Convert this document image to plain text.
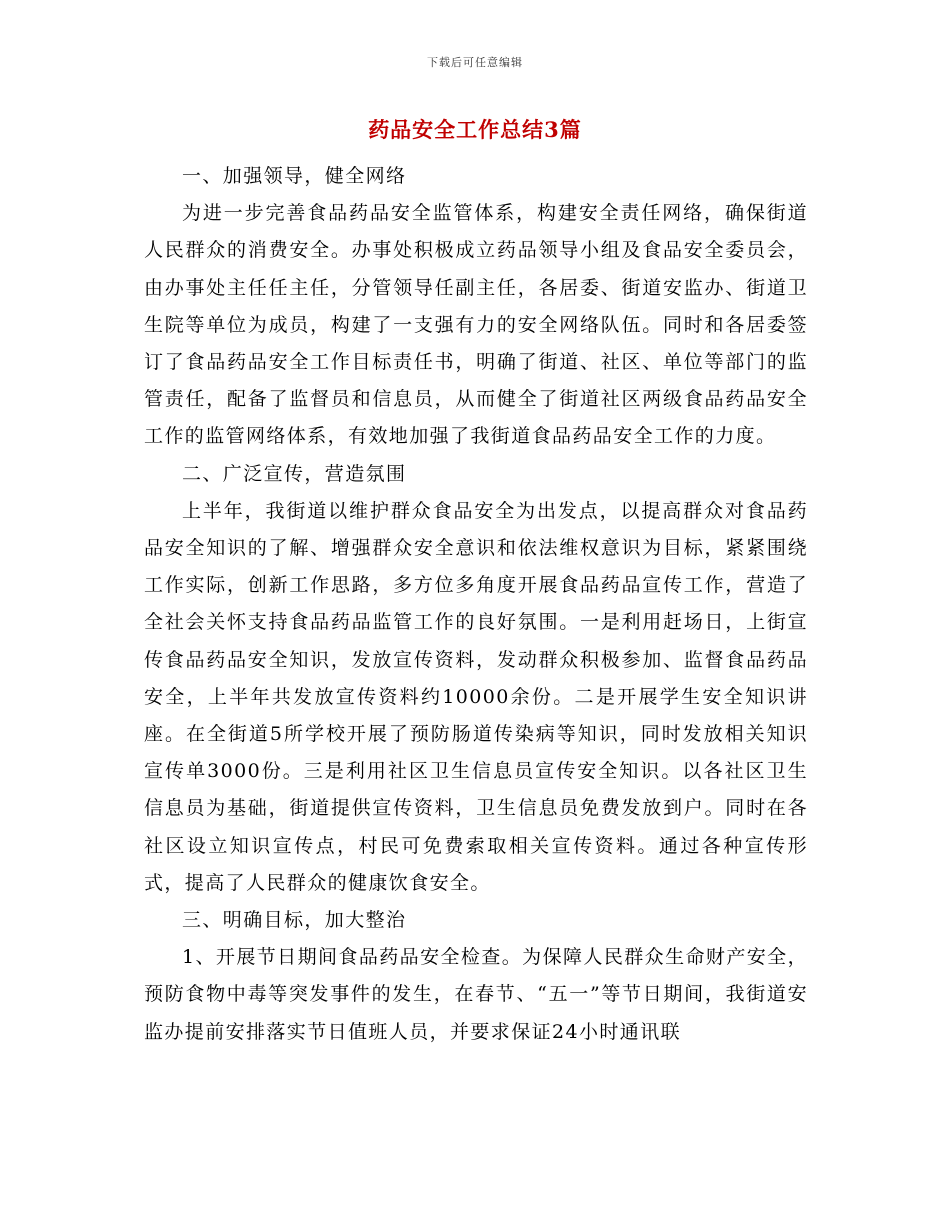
下载后可任意编辑
药品安全工作总结3篇

一、加强领导，健全网络

为进一步完善食品药品安全监管体系，构建安全责任网络，确保街道人民群众的消费安全。办事处积极成立药品领导小组及食品安全委员会，由办事处主任任主任，分管领导任副主任，各居委、街道安监办、街道卫生院等单位为成员，构建了一支强有力的安全网络队伍。同时和各居委签订了食品药品安全工作目标责任书，明确了街道、社区、单位等部门的监管责任，配备了监督员和信息员，从而健全了街道社区两级食品药品安全工作的监管网络体系，有效地加强了我街道食品药品安全工作的力度。

二、广泛宣传，营造氛围

上半年，我街道以维护群众食品安全为出发点，以提高群众对食品药品安全知识的了解、增强群众安全意识和依法维权意识为目标，紧紧围绕工作实际，创新工作思路，多方位多角度开展食品药品宣传工作，营造了全社会关怀支持食品药品监管工作的良好氛围。一是利用赶场日，上街宣传食品药品安全知识，发放宣传资料，发动群众积极参加、监督食品药品安全，上半年共发放宣传资料约10000余份。二是开展学生安全知识讲座。在全街道5所学校开展了预防肠道传染病等知识，同时发放相关知识宣传单3000份。三是利用社区卫生信息员宣传安全知识。以各社区卫生信息员为基础，街道提供宣传资料，卫生信息员免费发放到户。同时在各社区设立知识宣传点，村民可免费索取相关宣传资料。通过各种宣传形式，提高了人民群众的健康饮食安全。

三、明确目标，加大整治

1、开展节日期间食品药品安全检查。为保障人民群众生命财产安全，预防食物中毒等突发事件的发生，在春节、“五一”等节日期间，我街道安监办提前安排落实节日值班人员，并要求保证24小时通讯联
